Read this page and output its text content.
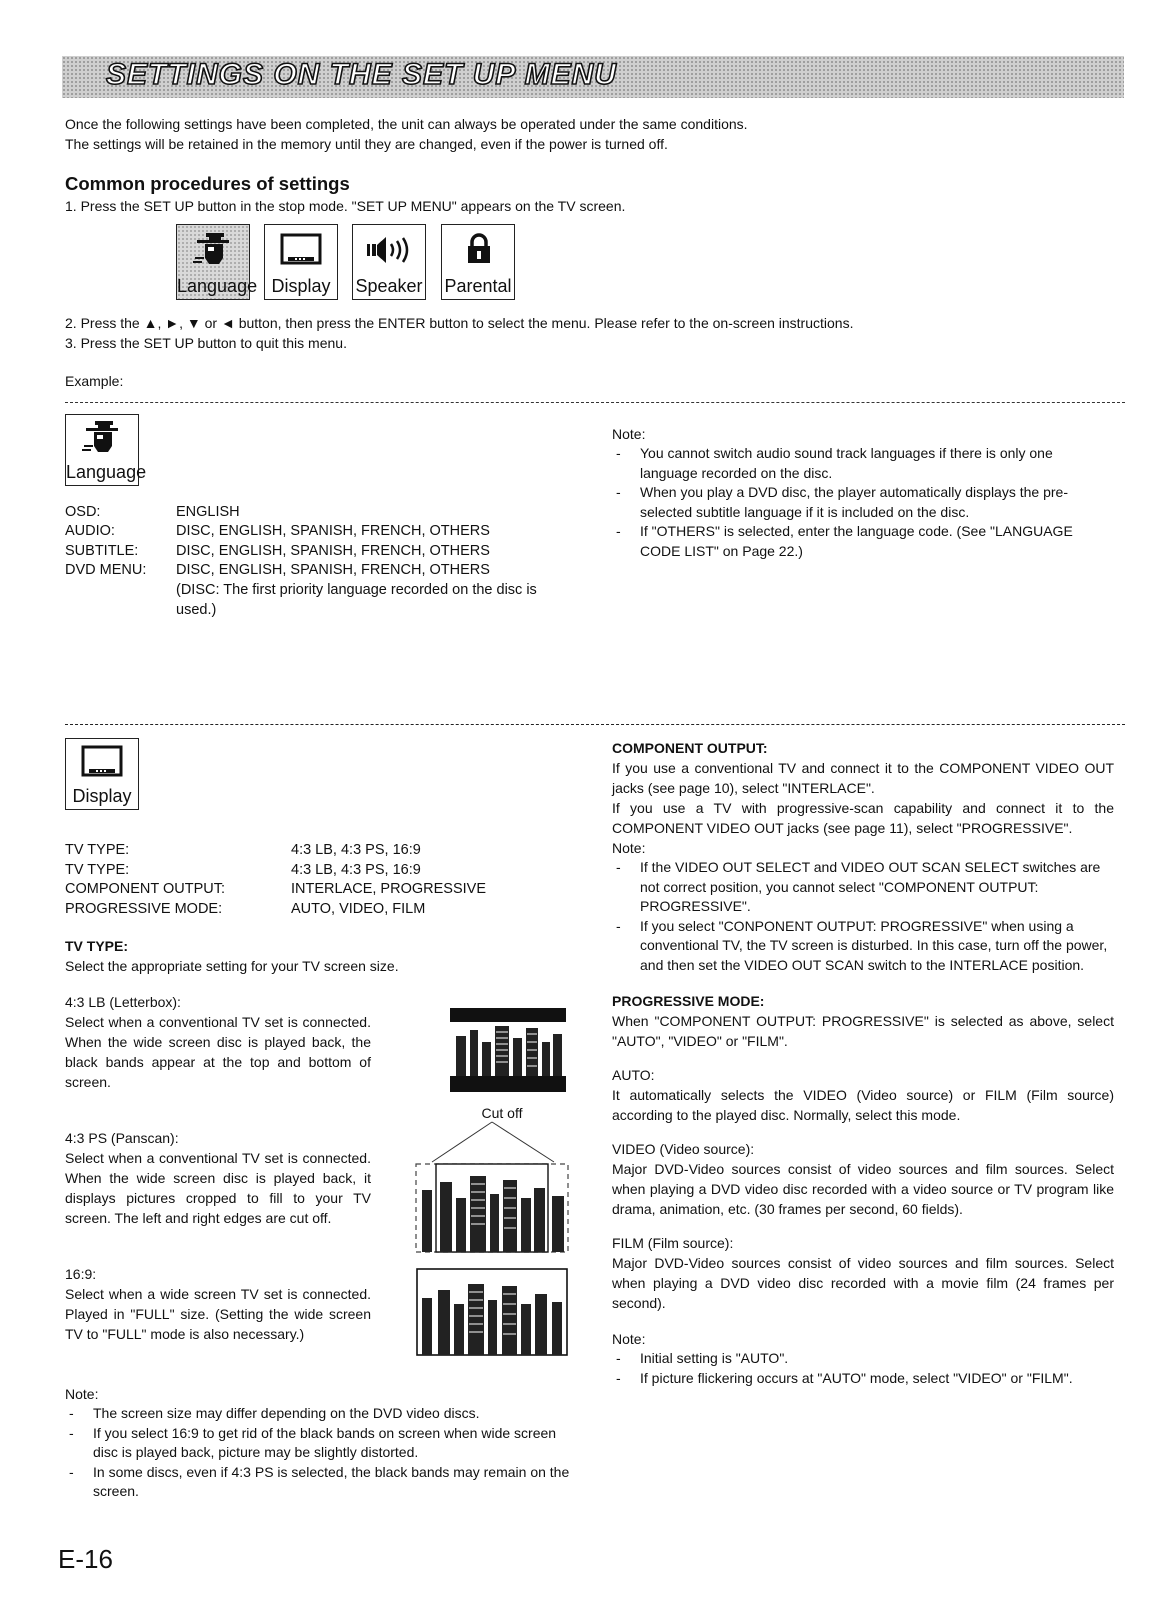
SETTINGS ON THE SET UP MENU

Once the following settings have been completed, the unit can always be operated under the same conditions.

The settings will be retained in the memory until they are changed, even if the power is turned off.

Common procedures of settings

1. Press the SET UP button in the stop mode. "SET UP MENU" appears on the TV screen.

Language Display	Speaker Parental

2. Press the ▲, ►, ▼ or ◄ button, then press the ENTER button to select the menu. Please refer to the on-screen instructions.

3. Press the SET UP button to quit this menu.

Example:

Language
OSD:	ENGLISH
AUDIO:	DISC, ENGLISH, SPANISH, FRENCH, OTHERS
SUBTITLE:	DISC, ENGLISH, SPANISH, FRENCH, OTHERS
DVD MENU: DISC, ENGLISH, SPANISH, FRENCH, OTHERS
(DISC: The first priority language recorded on the disc is used.)
Note:
- You cannot switch audio sound track languages if there is only one language recorded on the disc.
- When you play a DVD disc, the player automatically displays the pre-selected subtitle language if it is included on the disc.
- If "OTHERS" is selected, enter the language code. (See "LANGUAGE CODE LIST" on Page 22.)
Display
TV TYPE:	4:3 LB, 4:3 PS, 16:9
TV TYPE:	4:3 LB, 4:3 PS, 16:9
COMPONENT OUTPUT:	INTERLACE, PROGRESSIVE
PROGRESSIVE MODE:	AUTO, VIDEO, FILM
TV TYPE:

Select the appropriate setting for your TV screen size.

4:3 LB (Letterbox):

Select when a conventional TV set is connected. When the wide screen disc is played back, the black bands appear at the top and bottom of screen.

4:3 PS (Panscan):

Select when a conventional TV set is connected. When the wide screen disc is played back, it displays pictures cropped to fill to your TV screen. The left and right edges are cut off.

16:9:

Select when a wide screen TV set is connected. Played in "FULL" size. (Setting the wide screen TV to "FULL" mode is also necessary.)

Cut off
Note:
- The screen size may differ depending on the DVD video discs.
- If you select 16:9 to get rid of the black bands on screen when wide screen disc is played back, picture may be slightly distorted.
- In some discs, even if 4:3 PS is selected, the black bands may remain on the screen.
COMPONENT OUTPUT:

If you use a conventional TV and connect it to the COMPONENT VIDEO OUT jacks (see page 10), select "INTERLACE".

If you use a TV with progressive-scan capability and connect it to the COMPONENT VIDEO OUT jacks (see page 11), select "PROGRESSIVE".

Note:
- If the VIDEO OUT SELECT and VIDEO OUT SCAN SELECT switches are not correct position, you cannot select "COMPONENT OUTPUT: PROGRESSIVE".
- If you select "CONPONENT OUTPUT: PROGRESSIVE" when using a conventional TV, the TV screen is disturbed. In this case, turn off the power, and then set the VIDEO OUT SCAN switch to the INTERLACE position.
PROGRESSIVE MODE:

When "COMPONENT OUTPUT: PROGRESSIVE" is selected as above, select "AUTO", "VIDEO" or "FILM".

AUTO:

It automatically selects the VIDEO (Video source) or FILM (Film source) according to the played disc. Normally, select this mode.

VIDEO (Video source):

Major DVD-Video sources consist of video sources and film sources. Select when playing a DVD video disc recorded with a video source or TV program like drama, animation, etc. (30 frames per second, 60 fields).

FILM (Film source):

Major DVD-Video sources consist of video sources and film sources. Select when playing a DVD video disc recorded with a movie film (24 frames per second).

Note:
- Initial setting is "AUTO".
- If picture flickering occurs at "AUTO" mode, select "VIDEO" or "FILM".
E-16
